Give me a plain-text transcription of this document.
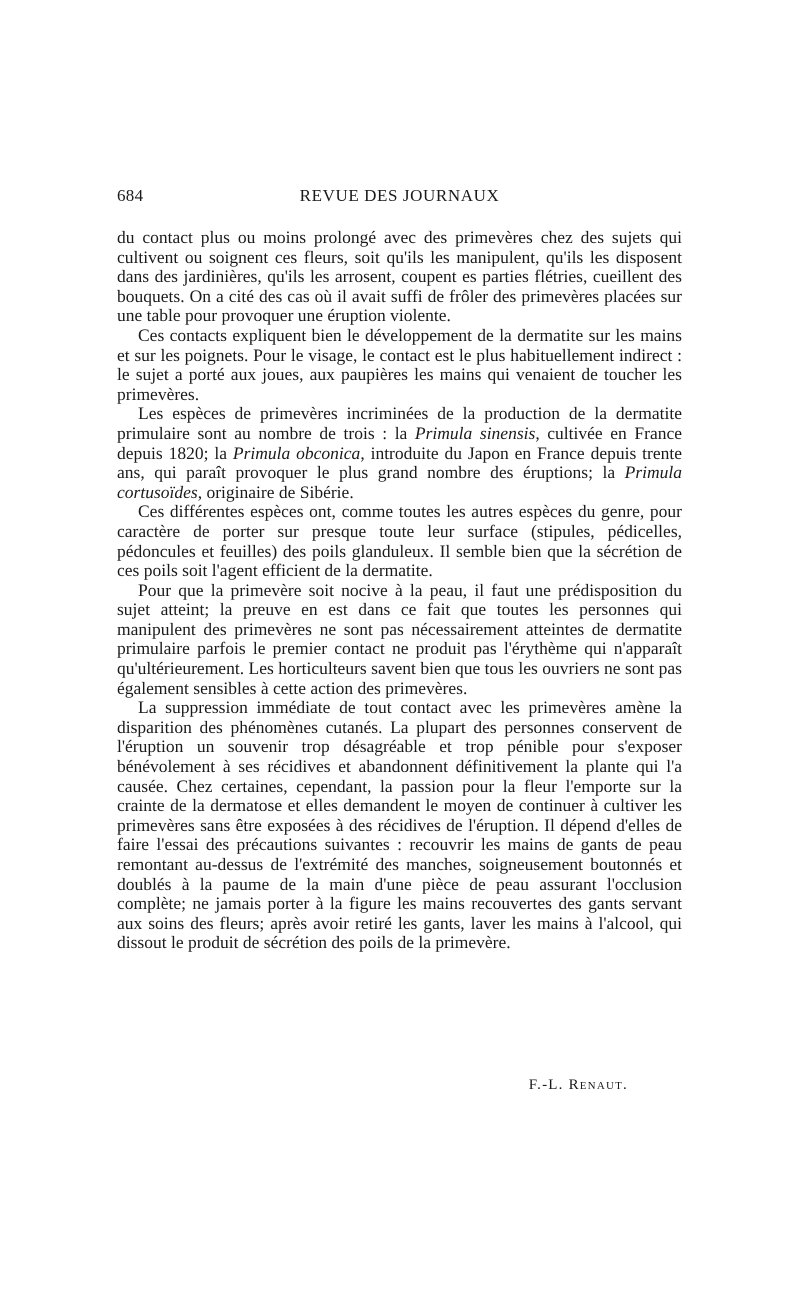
684	REVUE DES JOURNAUX

du contact plus ou moins prolongé avec des primevères chez des sujets qui cultivent ou soignent ces fleurs, soit qu'ils les manipulent, qu'ils les disposent dans des jardinières, qu'ils les arrosent, coupent es parties flétries, cueillent des bouquets. On a cité des cas où il avait suffi de frôler des primevères placées sur une table pour provoquer une éruption violente.

Ces contacts expliquent bien le développement de la dermatite sur les mains et sur les poignets. Pour le visage, le contact est le plus habituellement indirect : le sujet a porté aux joues, aux paupières les mains qui venaient de toucher les primevères.

Les espèces de primevères incriminées de la production de la dermatite primulaire sont au nombre de trois : la Primula sinensis, cultivée en France depuis 1820; la Primula obconica, introduite du Japon en France depuis trente ans, qui paraît provoquer le plus grand nombre des éruptions; la Primula cortusoïdes, originaire de Sibérie.

Ces différentes espèces ont, comme toutes les autres espèces du genre, pour caractère de porter sur presque toute leur surface (stipules, pédicelles, pédoncules et feuilles) des poils glanduleux. Il semble bien que la sécrétion de ces poils soit l'agent efficient de la dermatite.

Pour que la primevère soit nocive à la peau, il faut une prédisposition du sujet atteint; la preuve en est dans ce fait que toutes les personnes qui manipulent des primevères ne sont pas nécessairement atteintes de dermatite primulaire parfois le premier contact ne produit pas l'érythème qui n'apparaît qu'ultérieurement. Les horticulteurs savent bien que tous les ouvriers ne sont pas également sensibles à cette action des primevères.

La suppression immédiate de tout contact avec les primevères amène la disparition des phénomènes cutanés. La plupart des personnes conservent de l'éruption un souvenir trop désagréable et trop pénible pour s'exposer bénévolement à ses récidives et abandonnent définitivement la plante qui l'a causée. Chez certaines, cependant, la passion pour la fleur l'emporte sur la crainte de la dermatose et elles demandent le moyen de continuer à cultiver les primevères sans être exposées à des récidives de l'éruption. Il dépend d'elles de faire l'essai des précautions suivantes : recouvrir les mains de gants de peau remontant au-dessus de l'extrémité des manches, soigneusement boutonnés et doublés à la paume de la main d'une pièce de peau assurant l'occlusion complète; ne jamais porter à la figure les mains recouvertes des gants servant aux soins des fleurs; après avoir retiré les gants, laver les mains à l'alcool, qui dissout le produit de sécrétion des poils de la primevère.

F.-L. Renaut.
